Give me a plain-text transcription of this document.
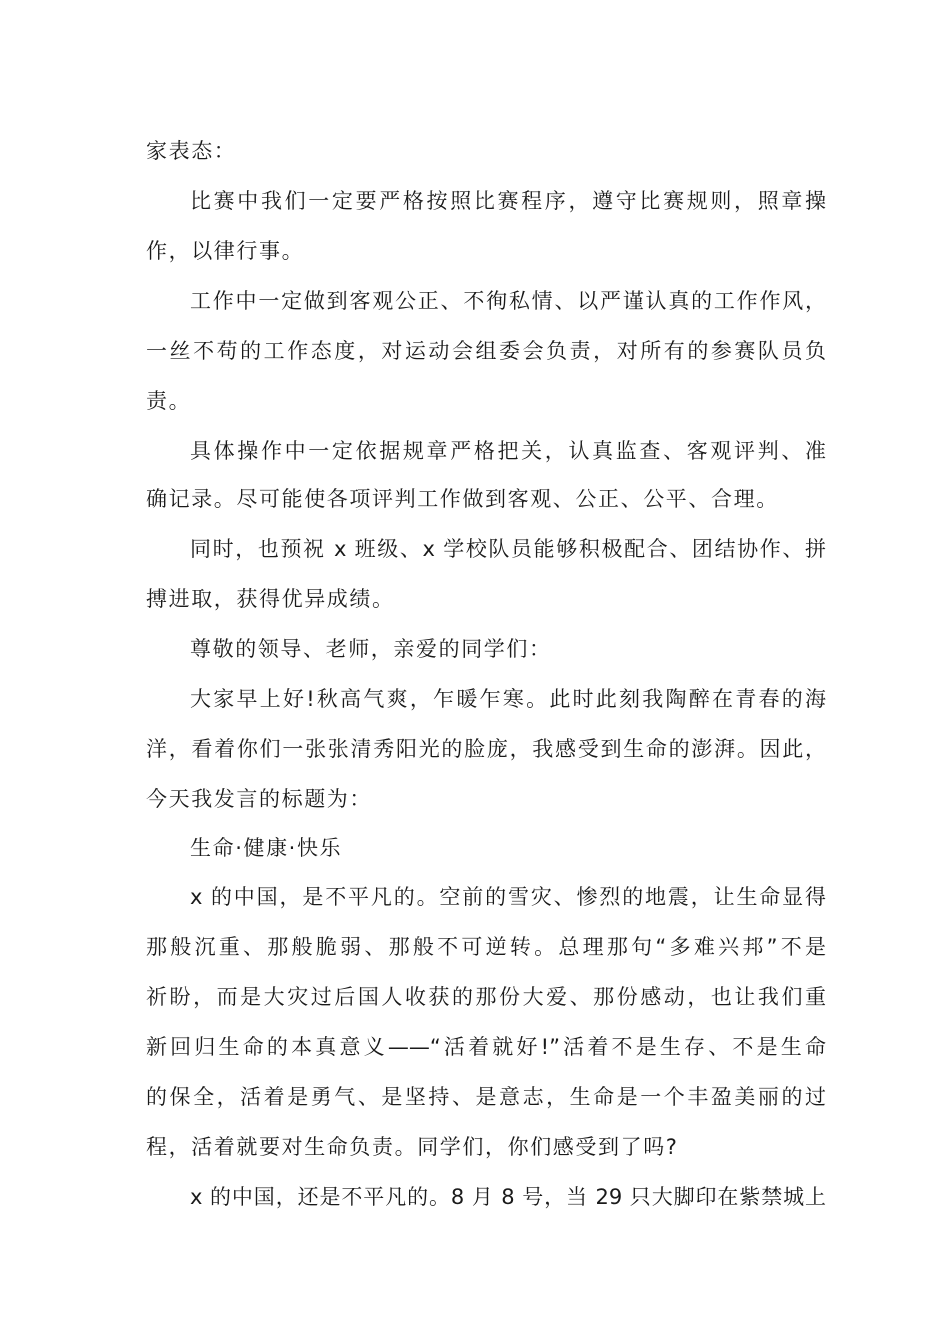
家表态：
比赛中我们一定要严格按照比赛程序，遵守比赛规则，照章操
作，以律行事。
工作中一定做到客观公正、不徇私情、以严谨认真的工作作风，
一丝不苟的工作态度，对运动会组委会负责，对所有的参赛队员负
责。
具体操作中一定依据规章严格把关，认真监查、客观评判、准
确记录。尽可能使各项评判工作做到客观、公正、公平、合理。
同时，也预祝 x 班级、x 学校队员能够积极配合、团结协作、拼
搏进取，获得优异成绩。
尊敬的领导、老师，亲爱的同学们：
大家早上好!秋高气爽，乍暖乍寒。此时此刻我陶醉在青春的海
洋，看着你们一张张清秀阳光的脸庞，我感受到生命的澎湃。因此，
今天我发言的标题为：
生命·健康·快乐
x 的中国，是不平凡的。空前的雪灾、惨烈的地震，让生命显得
那般沉重、那般脆弱、那般不可逆转。总理那句“多难兴邦”不是
祈盼，而是大灾过后国人收获的那份大爱、那份感动，也让我们重
新回归生命的本真意义——“活着就好!”活着不是生存、不是生命
的保全，活着是勇气、是坚持、是意志，生命是一个丰盈美丽的过
程，活着就要对生命负责。同学们，你们感受到了吗?
x 的中国，还是不平凡的。8 月 8 号，当 29 只大脚印在紫禁城上
